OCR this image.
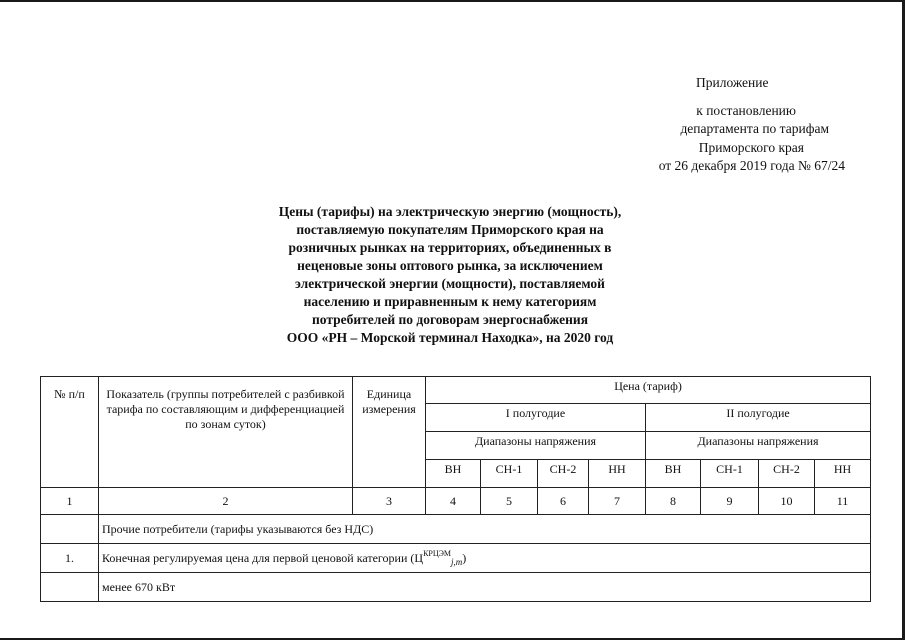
Приложение
к постановлению
департамента по тарифам
Приморского края
от 26 декабря 2019 года № 67/24
Цены (тарифы) на электрическую энергию (мощность),
поставляемую покупателям Приморского края на
розничных рынках на территориях, объединенных в
неценовые зоны оптового рынка, за исключением
электрической энергии (мощности), поставляемой
населению и приравненным к нему категориям
потребителей по договорам энергоснабжения
ООО «РН – Морской терминал Находка», на 2020 год
№ п/п	Показатель (группы потребителей с разбивкой тарифа по составляющим и дифференциацией по зонам суток)	Единица измерения	Цена (тариф)							
			I полугодие				II полугодие			
			Диапазоны напряжения				Диапазоны напряжения			
			ВН	СН-1	СН-2	НН	ВН	СН-1	СН-2	НН
1	2	3	4	5	6	7	8	9	10	11
	Прочие потребители (тарифы указываются без НДС)									
1.	Конечная регулируемая цена для первой ценовой категории $(Ц^{КРЦЭМ}_{j,m})$									
	менее 670 кВт									
